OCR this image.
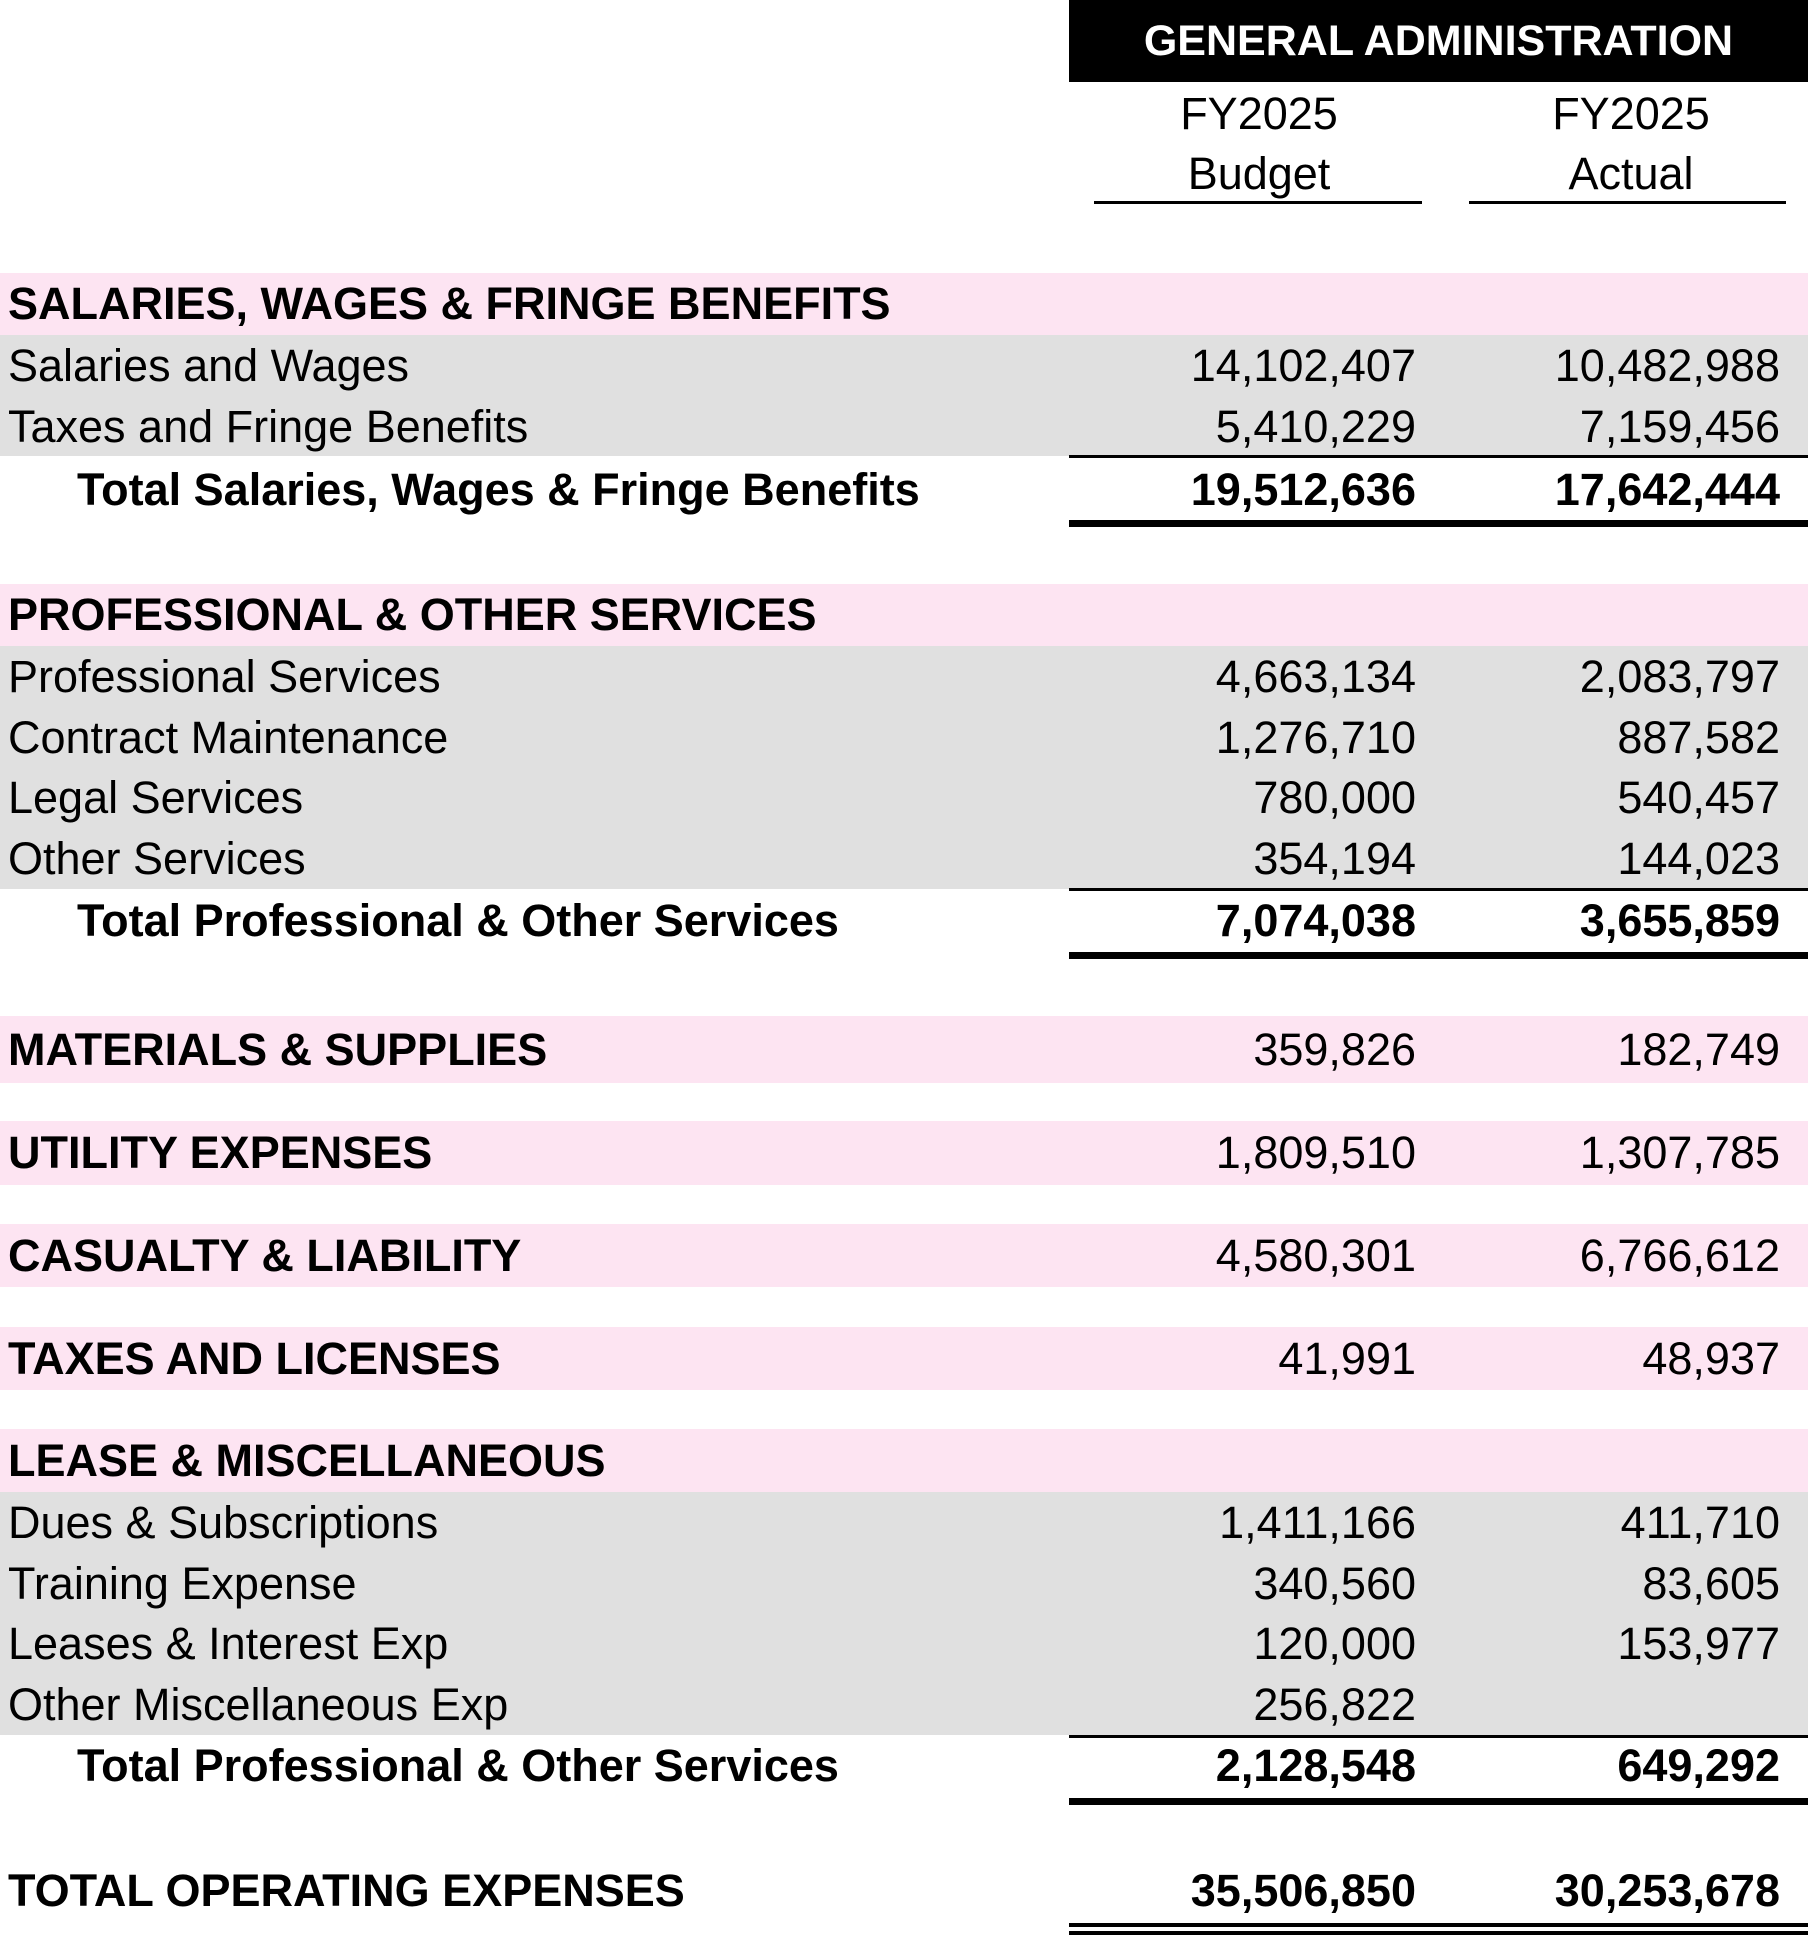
GENERAL ADMINISTRATION
FY2025
Budget
FY2025
Actual
SALARIES, WAGES & FRINGE BENEFITS
Salaries and Wages	14,102,407	10,482,988
Taxes and Fringe Benefits	5,410,229	7,159,456
Total Salaries, Wages & Fringe Benefits	19,512,636	17,642,444
PROFESSIONAL & OTHER SERVICES
Professional Services	4,663,134	2,083,797
Contract Maintenance	1,276,710	887,582
Legal Services	780,000	540,457
Other Services	354,194	144,023
Total Professional & Other Services	7,074,038	3,655,859
MATERIALS & SUPPLIES	359,826	182,749
UTILITY EXPENSES	1,809,510	1,307,785
CASUALTY & LIABILITY	4,580,301	6,766,612
TAXES AND LICENSES	41,991	48,937
LEASE & MISCELLANEOUS
Dues & Subscriptions	1,411,166	411,710
Training Expense	340,560	83,605
Leases & Interest Exp	120,000	153,977
Other Miscellaneous Exp	256,822
Total Professional & Other Services	2,128,548	649,292
TOTAL OPERATING EXPENSES	35,506,850	30,253,678
